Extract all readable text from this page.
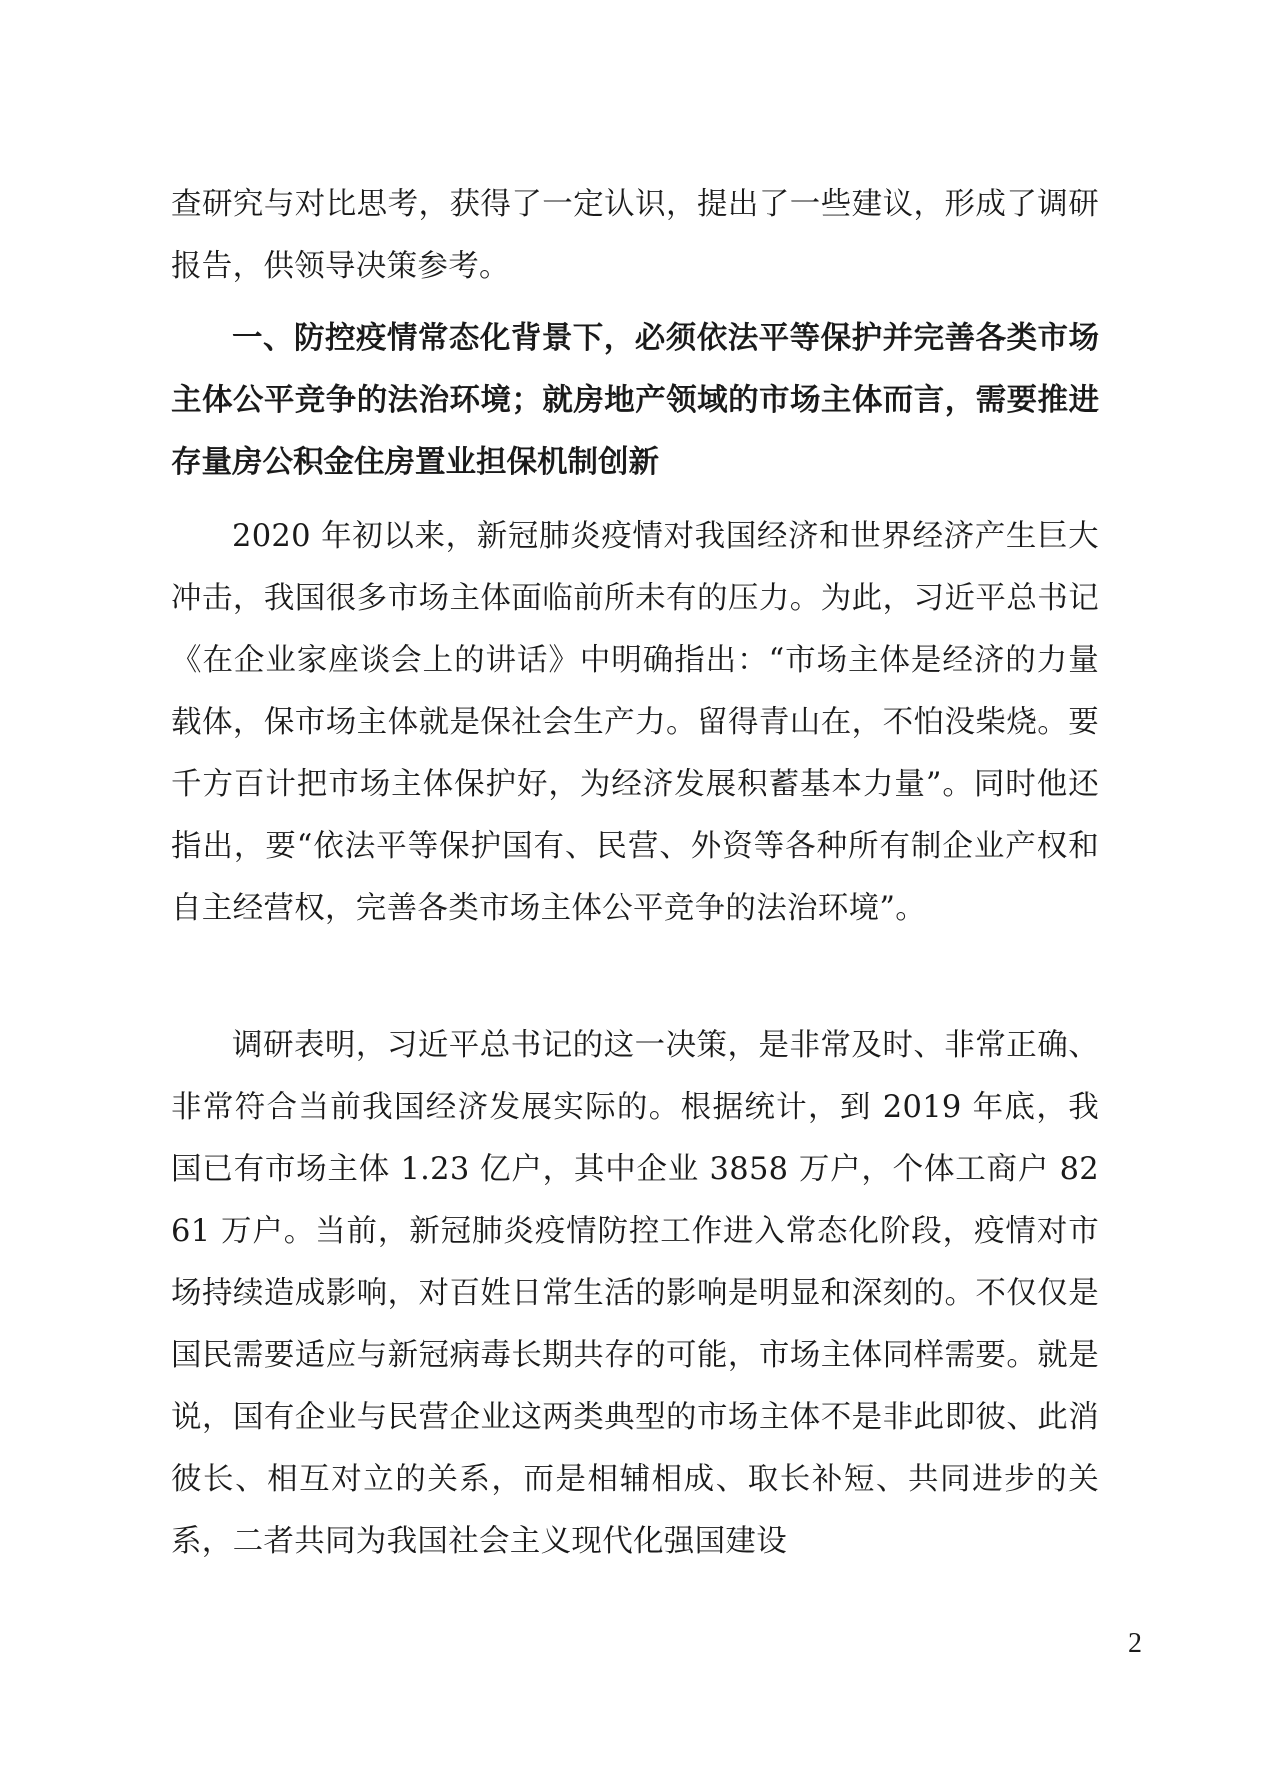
查研究与对比思考，获得了一定认识，提出了一些建议，形成了调研报告，供领导决策参考。

一、防控疫情常态化背景下，必须依法平等保护并完善各类市场主体公平竞争的法治环境；就房地产领域的市场主体而言，需要推进存量房公积金住房置业担保机制创新

2020 年初以来，新冠肺炎疫情对我国经济和世界经济产生巨大冲击，我国很多市场主体面临前所未有的压力。为此，习近平总书记《在企业家座谈会上的讲话》中明确指出：“市场主体是经济的力量载体，保市场主体就是保社会生产力。留得青山在，不怕没柴烧。要千方百计把市场主体保护好，为经济发展积蓄基本力量”。同时他还指出，要“依法平等保护国有、民营、外资等各种所有制企业产权和自主经营权，完善各类市场主体公平竞争的法治环境”。

调研表明，习近平总书记的这一决策，是非常及时、非常正确、非常符合当前我国经济发展实际的。根据统计，到 2019 年底，我国已有市场主体 1.23 亿户，其中企业 3858 万户，个体工商户 8261 万户。当前，新冠肺炎疫情防控工作进入常态化阶段，疫情对市场持续造成影响，对百姓日常生活的影响是明显和深刻的。不仅仅是国民需要适应与新冠病毒长期共存的可能，市场主体同样需要。就是说，国有企业与民营企业这两类典型的市场主体不是非此即彼、此消彼长、相互对立的关系，而是相辅相成、取长补短、共同进步的关系，二者共同为我国社会主义现代化强国建设

2
